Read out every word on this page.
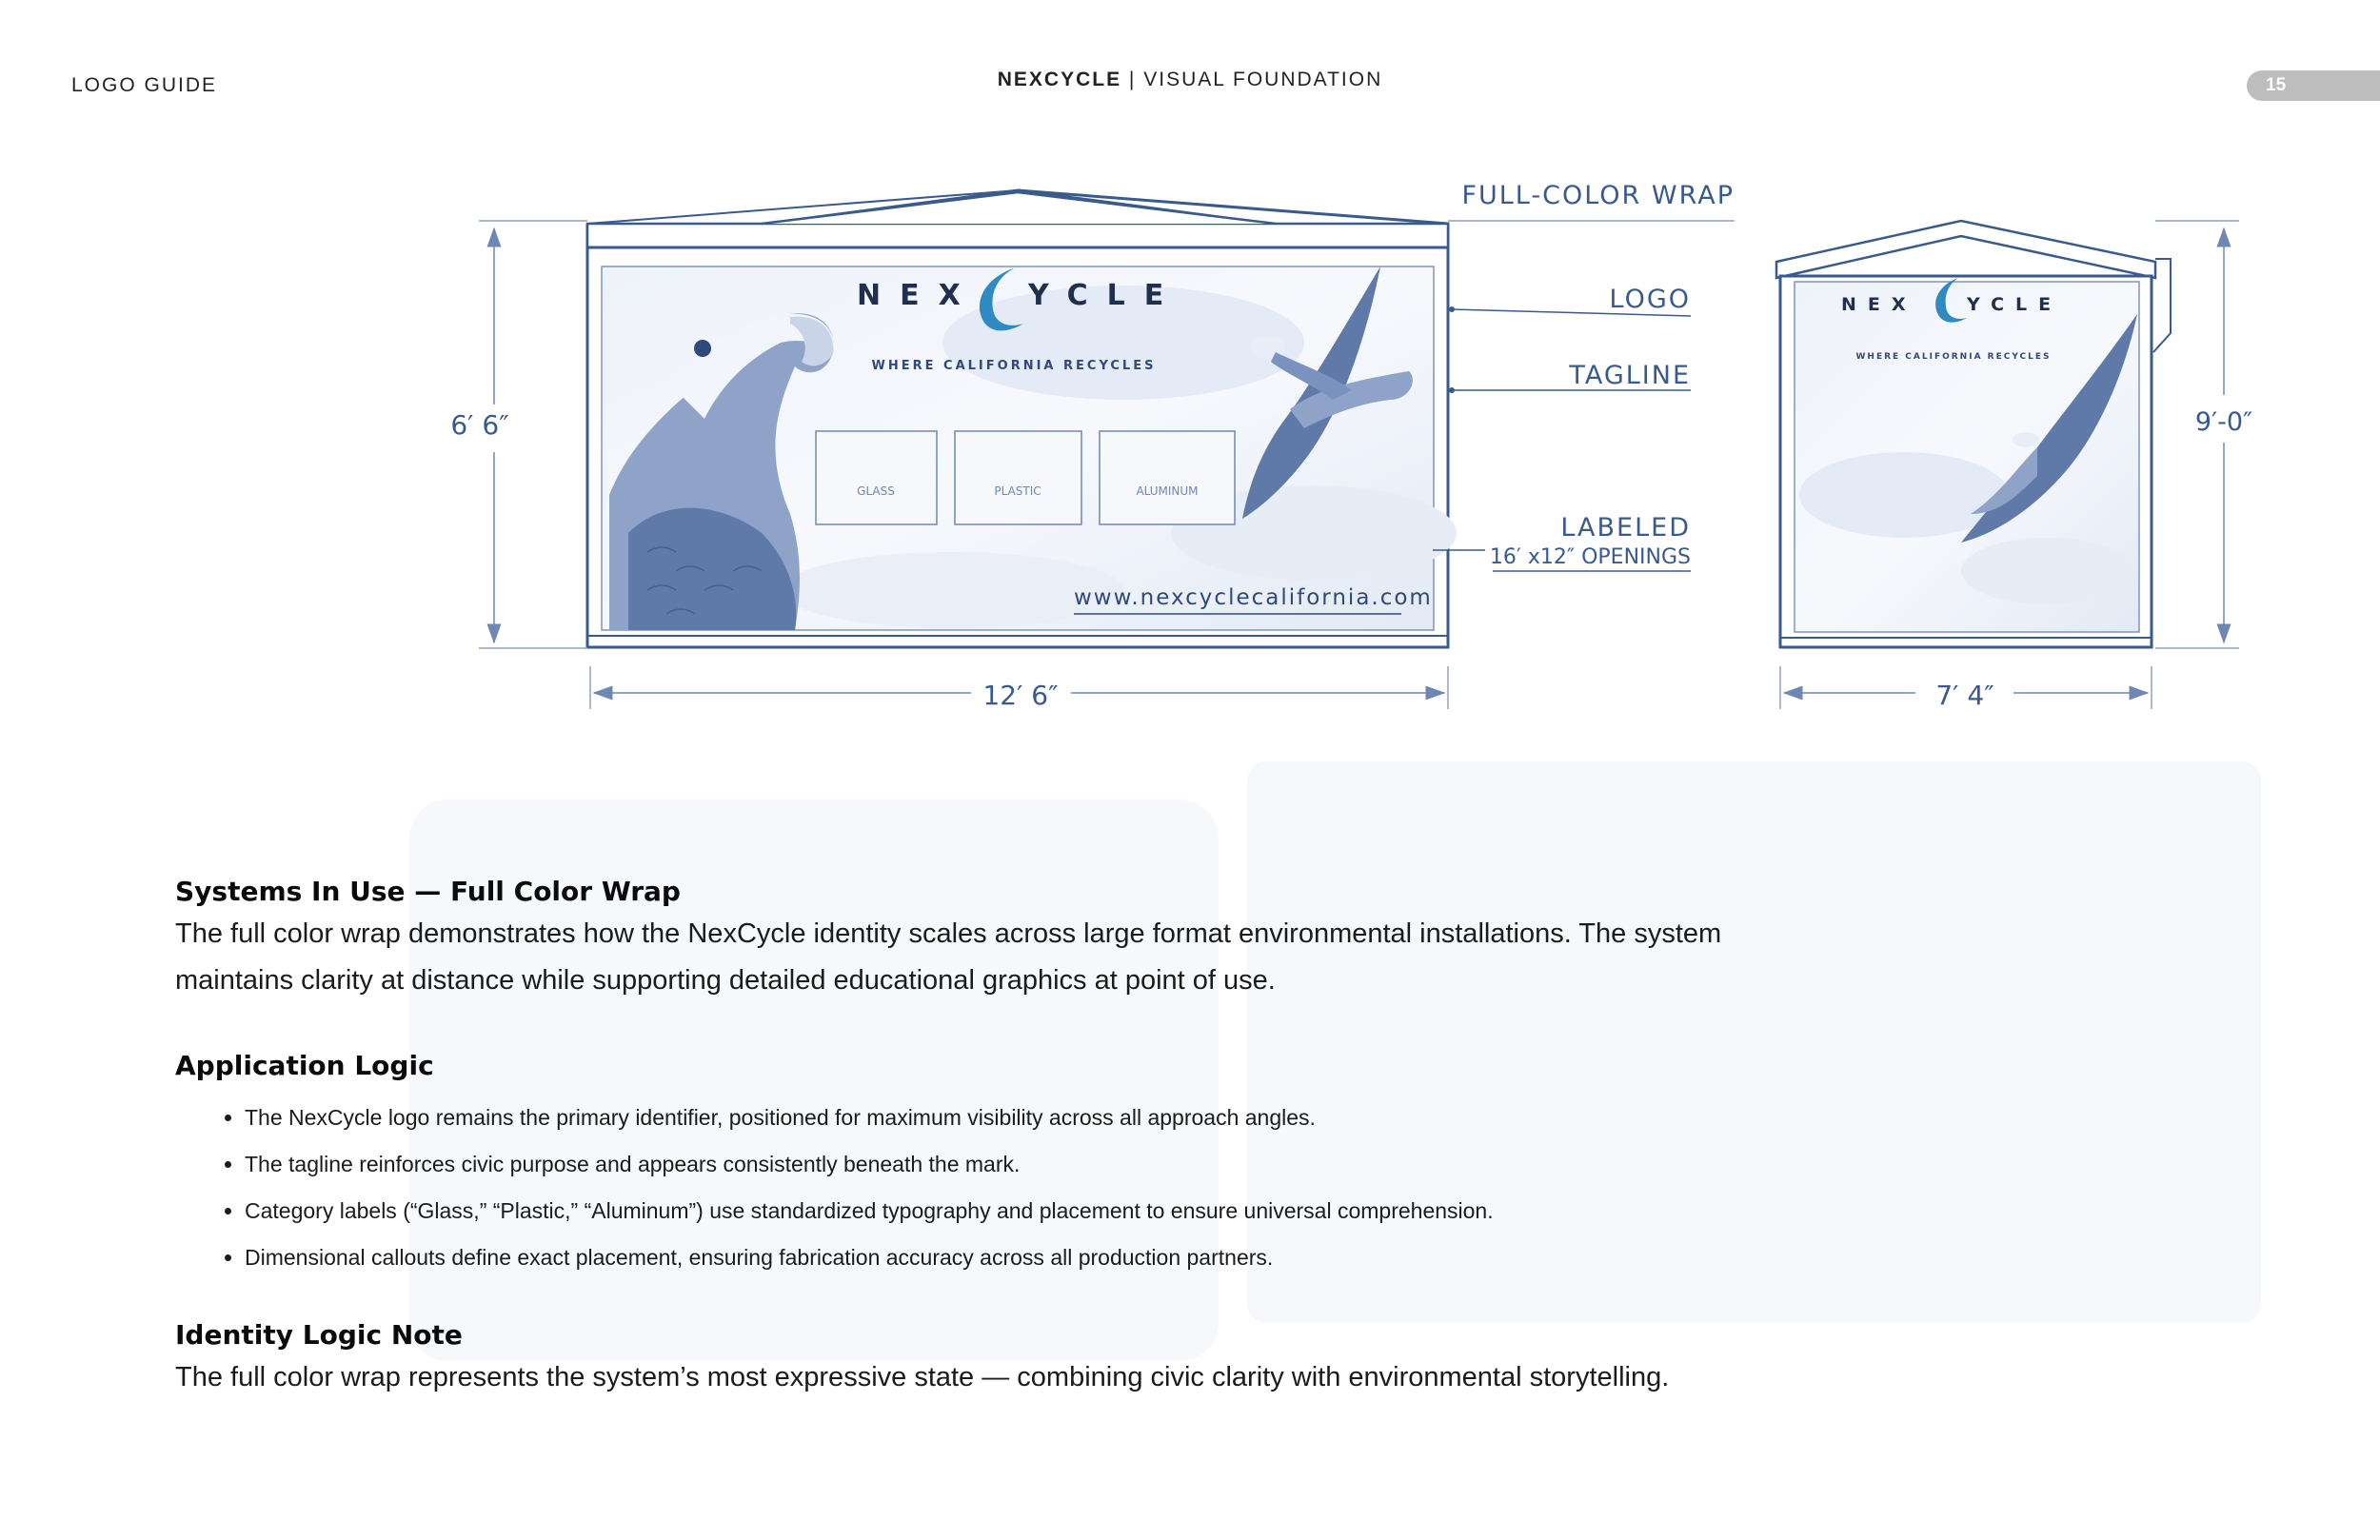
LOGO GUIDE	NEXCYCLE | VISUAL FOUNDATION	15
NEX YCLE
WHERE CALIFORNIA RECYCLES
GLASS	PLASTIC	ALUMINUM
www.nexcyclecalifornia.com
6′ 6″
12′ 6″
FULL-COLOR WRAP
LOGO
TAGLINE
LABELED
16′ x12″ OPENINGS
NEX	YCLE
WHERE CALIFORNIA RECYCLES
9′-0″
7′ 4″
Systems In Use — Full Color Wrap

The full color wrap demonstrates how the NexCycle identity scales across large format environmental installations. The system maintains clarity at distance while supporting detailed educational graphics at point of use.

Application Logic
• The NexCycle logo remains the primary identifier, positioned for maximum visibility across all approach angles.
• The tagline reinforces civic purpose and appears consistently beneath the mark.
• Category labels (“Glass,” “Plastic,” “Aluminum”) use standardized typography and placement to ensure universal comprehension.
• Dimensional callouts define exact placement, ensuring fabrication accuracy across all production partners.
Identity Logic Note

The full color wrap represents the system’s most expressive state — combining civic clarity with environmental storytelling.
